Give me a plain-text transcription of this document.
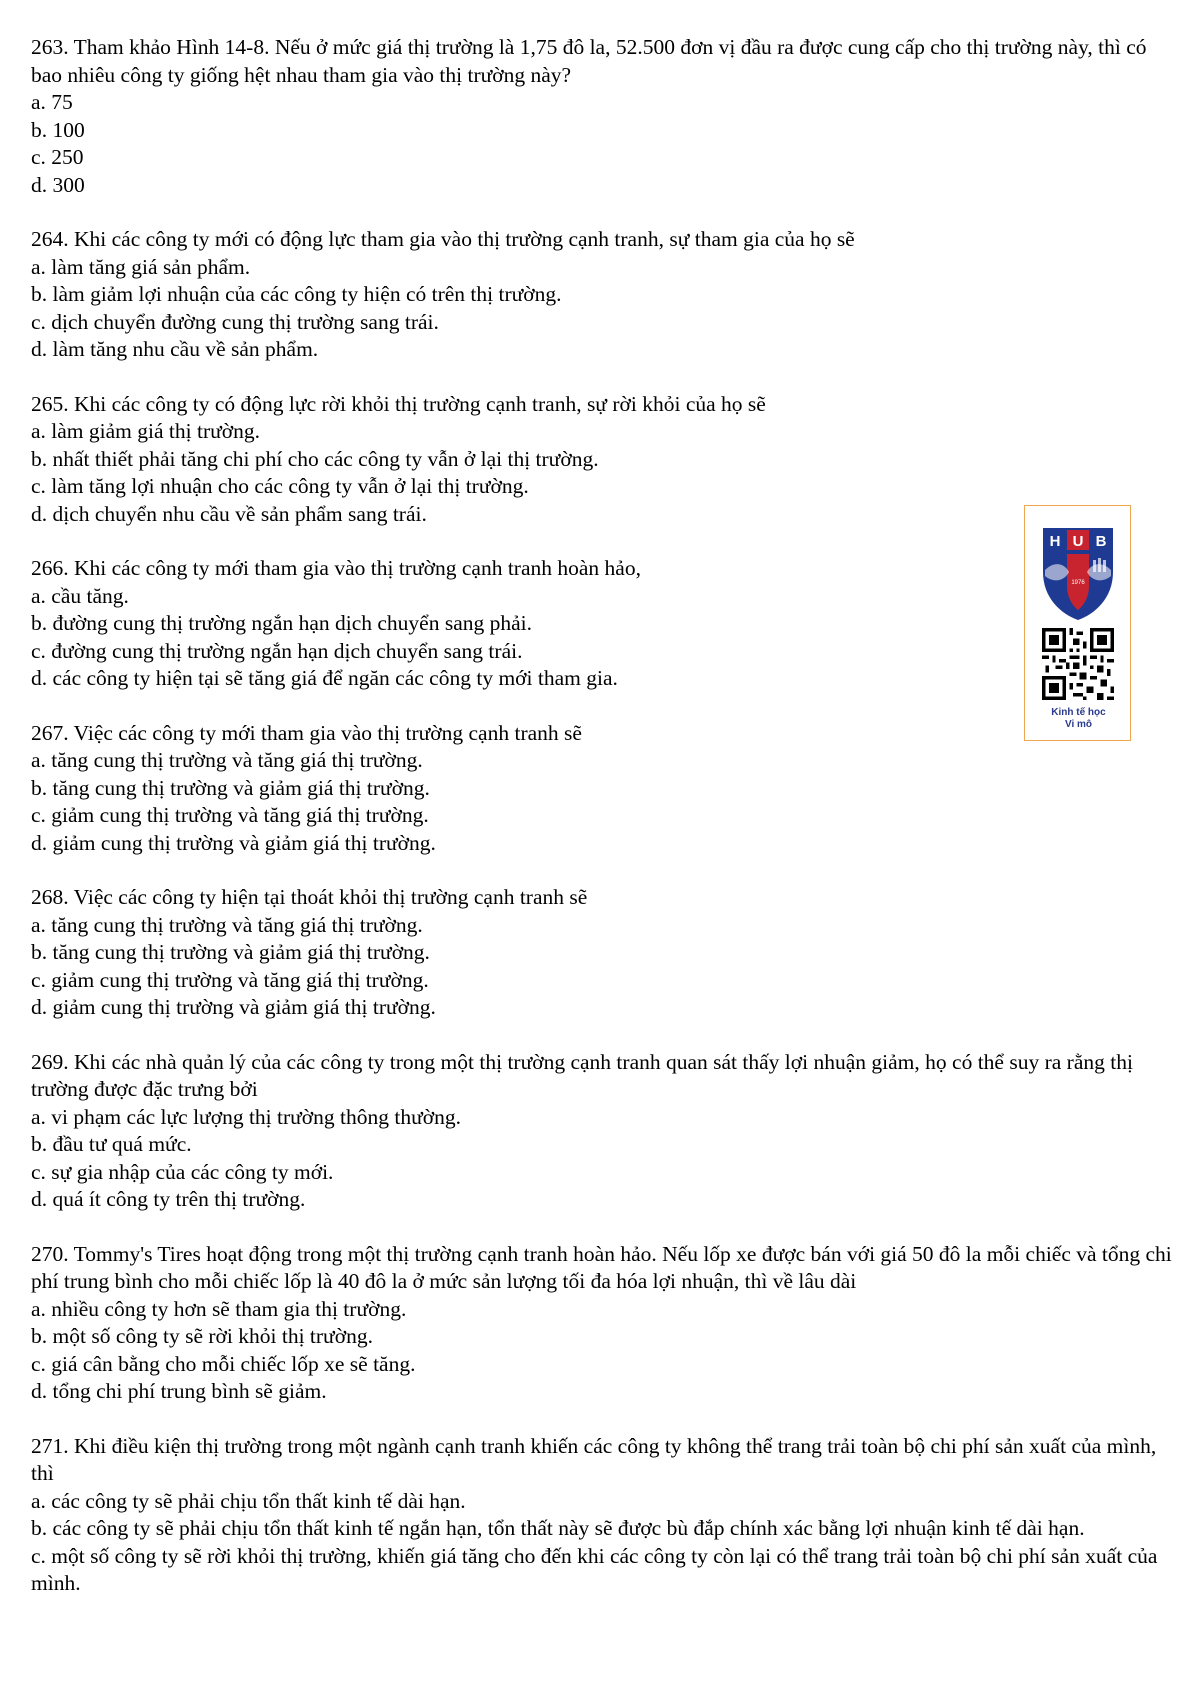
263. Tham khảo Hình 14-8. Nếu ở mức giá thị trường là 1,75 đô la, 52.500 đơn vị đầu ra được cung cấp cho thị trường này, thì có bao nhiêu công ty giống hệt nhau tham gia vào thị trường này?

a. 75

b. 100

c. 250

d. 300

264. Khi các công ty mới có động lực tham gia vào thị trường cạnh tranh, sự tham gia của họ sẽ

a. làm tăng giá sản phẩm.

b. làm giảm lợi nhuận của các công ty hiện có trên thị trường.

c. dịch chuyển đường cung thị trường sang trái.

d. làm tăng nhu cầu về sản phẩm.

265. Khi các công ty có động lực rời khỏi thị trường cạnh tranh, sự rời khỏi của họ sẽ

a. làm giảm giá thị trường.

b. nhất thiết phải tăng chi phí cho các công ty vẫn ở lại thị trường.

c. làm tăng lợi nhuận cho các công ty vẫn ở lại thị trường.

d. dịch chuyển nhu cầu về sản phẩm sang trái.

266. Khi các công ty mới tham gia vào thị trường cạnh tranh hoàn hảo,

a. cầu tăng.

b. đường cung thị trường ngắn hạn dịch chuyển sang phải.

c. đường cung thị trường ngắn hạn dịch chuyển sang trái.

d. các công ty hiện tại sẽ tăng giá để ngăn các công ty mới tham gia.

267. Việc các công ty mới tham gia vào thị trường cạnh tranh sẽ

a. tăng cung thị trường và tăng giá thị trường.

b. tăng cung thị trường và giảm giá thị trường.

c. giảm cung thị trường và tăng giá thị trường.

d. giảm cung thị trường và giảm giá thị trường.

268. Việc các công ty hiện tại thoát khỏi thị trường cạnh tranh sẽ

a. tăng cung thị trường và tăng giá thị trường.

b. tăng cung thị trường và giảm giá thị trường.

c. giảm cung thị trường và tăng giá thị trường.

d. giảm cung thị trường và giảm giá thị trường.

269. Khi các nhà quản lý của các công ty trong một thị trường cạnh tranh quan sát thấy lợi nhuận giảm, họ có thể suy ra rằng thị trường được đặc trưng bởi

a. vi phạm các lực lượng thị trường thông thường.

b. đầu tư quá mức.

c. sự gia nhập của các công ty mới.

d. quá ít công ty trên thị trường.

270. Tommy's Tires hoạt động trong một thị trường cạnh tranh hoàn hảo. Nếu lốp xe được bán với giá 50 đô la mỗi chiếc và tổng chi phí trung bình cho mỗi chiếc lốp là 40 đô la ở mức sản lượng tối đa hóa lợi nhuận, thì về lâu dài

a. nhiều công ty hơn sẽ tham gia thị trường.

b. một số công ty sẽ rời khỏi thị trường.

c. giá cân bằng cho mỗi chiếc lốp xe sẽ tăng.

d. tổng chi phí trung bình sẽ giảm.

271. Khi điều kiện thị trường trong một ngành cạnh tranh khiến các công ty không thể trang trải toàn bộ chi phí sản xuất của mình, thì

a. các công ty sẽ phải chịu tổn thất kinh tế dài hạn.

b. các công ty sẽ phải chịu tổn thất kinh tế ngắn hạn, tổn thất này sẽ được bù đắp chính xác bằng lợi nhuận kinh tế dài hạn.

c. một số công ty sẽ rời khỏi thị trường, khiến giá tăng cho đến khi các công ty còn lại có thể trang trải toàn bộ chi phí sản xuất của mình.

H U B
1976
Kinh tế học
Vi mô
